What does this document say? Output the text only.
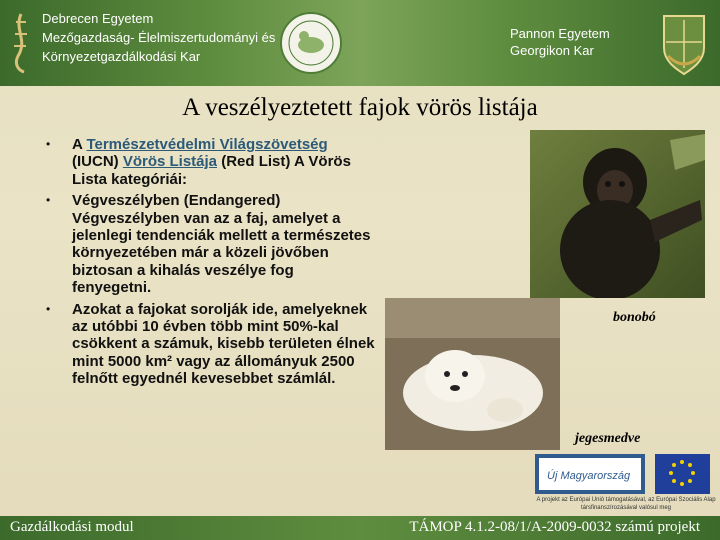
Debrecen Egyetem
Mezőgazdaság- Élelmiszertudományi és
Környezetgazdálkodási Kar
Pannon Egyetem
Georgikon Kar
A veszélyeztetett fajok vörös listája
• A Természetvédelmi Világszövetség (IUCN) Vörös Listája (Red List) A Vörös Lista kategóriái:
• Végveszélyben (Endangered) Végveszélyben van az a faj, amelyet a jelenlegi tendenciák mellett a természetes környezetében már a közeli jövőben biztosan a kihalás veszélye fog fenyegetni.
• Azokat a fajokat sorolják ide, amelyeknek az utóbbi 10 évben több mint 50%-kal csökkent a számuk, kisebb területen élnek mint 5000 km² vagy az állományuk 2500 felnőtt egyednél kevesebbet számlál.
bonobó
jegesmedve
Új Magyarország
A projekt az Európai Unió támogatásával, az Európai Szociális Alap társfinanszírozásával valósul meg
Gazdálkodási modul	TÁMOP 4.1.2-08/1/A-2009-0032 számú projekt
